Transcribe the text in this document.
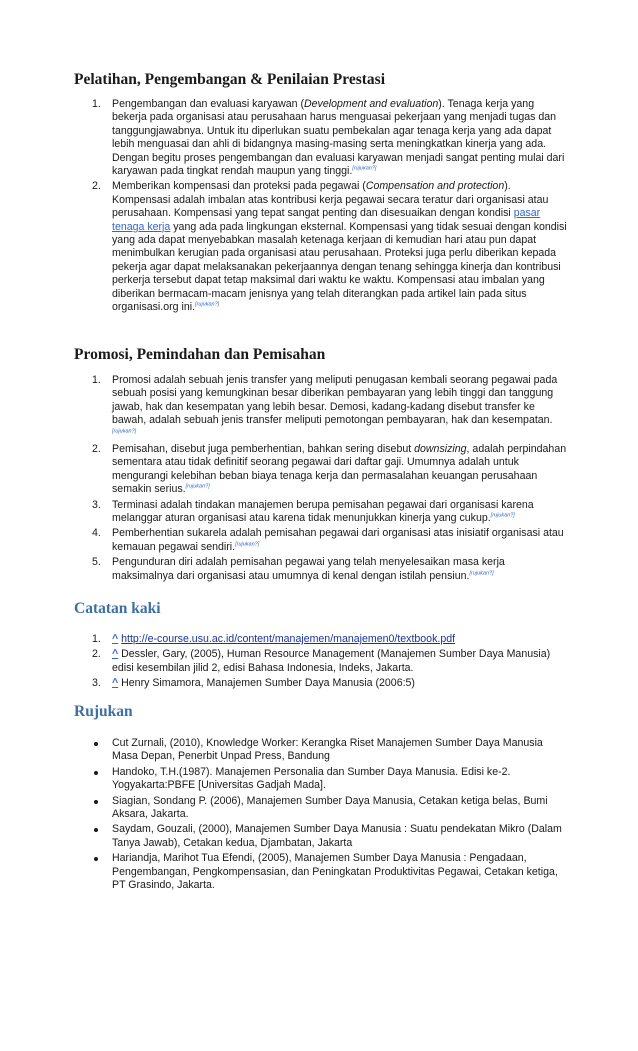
Pelatihan, Pengembangan & Penilaian Prestasi
1. Pengembangan dan evaluasi karyawan (Development and evaluation). Tenaga kerja yang bekerja pada organisasi atau perusahaan harus menguasai pekerjaan yang menjadi tugas dan tanggungjawabnya. Untuk itu diperlukan suatu pembekalan agar tenaga kerja yang ada dapat lebih menguasai dan ahli di bidangnya masing-masing serta meningkatkan kinerja yang ada. Dengan begitu proses pengembangan dan evaluasi karyawan menjadi sangat penting mulai dari karyawan pada tingkat rendah maupun yang tinggi.[rujukan?]
2. Memberikan kompensasi dan proteksi pada pegawai (Compensation and protection). Kompensasi adalah imbalan atas kontribusi kerja pegawai secara teratur dari organisasi atau perusahaan. Kompensasi yang tepat sangat penting dan disesuaikan dengan kondisi pasar tenaga kerja yang ada pada lingkungan eksternal. Kompensasi yang tidak sesuai dengan kondisi yang ada dapat menyebabkan masalah ketenaga kerjaan di kemudian hari atau pun dapat menimbulkan kerugian pada organisasi atau perusahaan. Proteksi juga perlu diberikan kepada pekerja agar dapat melaksanakan pekerjaannya dengan tenang sehingga kinerja dan kontribusi perkerja tersebut dapat tetap maksimal dari waktu ke waktu. Kompensasi atau imbalan yang diberikan bermacam-macam jenisnya yang telah diterangkan pada artikel lain pada situs organisasi.org ini.[rujukan?]
Promosi, Pemindahan dan Pemisahan
1. Promosi adalah sebuah jenis transfer yang meliputi penugasan kembali seorang pegawai pada sebuah posisi yang kemungkinan besar diberikan pembayaran yang lebih tinggi dan tanggung jawab, hak dan kesempatan yang lebih besar. Demosi, kadang-kadang disebut transfer ke bawah, adalah sebuah jenis transfer meliputi pemotongan pembayaran, hak dan kesempatan.[rujukan?]
2. Pemisahan, disebut juga pemberhentian, bahkan sering disebut downsizing, adalah perpindahan sementara atau tidak definitif seorang pegawai dari daftar gaji. Umumnya adalah untuk mengurangi kelebihan beban biaya tenaga kerja dan permasalahan keuangan perusahaan semakin serius.[rujukan?]
3. Terminasi adalah tindakan manajemen berupa pemisahan pegawai dari organisasi karena melanggar aturan organisasi atau karena tidak menunjukkan kinerja yang cukup.[rujukan?]
4. Pemberhentian sukarela adalah pemisahan pegawai dari organisasi atas inisiatif organisasi atau kemauan pegawai sendiri.[rujukan?]
5. Pengunduran diri adalah pemisahan pegawai yang telah menyelesaikan masa kerja maksimalnya dari organisasi atau umumnya di kenal dengan istilah pensiun.[rujukan?]
Catatan kaki
1. ^ http://e-course.usu.ac.id/content/manajemen/manajemen0/textbook.pdf
2. ^ Dessler, Gary, (2005), Human Resource Management (Manajemen Sumber Daya Manusia) edisi kesembilan jilid 2, edisi Bahasa Indonesia, Indeks, Jakarta.
3. ^ Henry Simamora, Manajemen Sumber Daya Manusia (2006:5)
Rujukan
Cut Zurnali, (2010), Knowledge Worker: Kerangka Riset Manajemen Sumber Daya Manusia Masa Depan, Penerbit Unpad Press, Bandung
Handoko, T.H.(1987). Manajemen Personalia dan Sumber Daya Manusia. Edisi ke-2. Yogyakarta:PBFE [Universitas Gadjah Mada].
Siagian, Sondang P. (2006), Manajemen Sumber Daya Manusia, Cetakan ketiga belas, Bumi Aksara, Jakarta.
Saydam, Gouzali, (2000), Manajemen Sumber Daya Manusia : Suatu pendekatan Mikro (Dalam Tanya Jawab), Cetakan kedua, Djambatan, Jakarta
Hariandja, Marihot Tua Efendi, (2005), Manajemen Sumber Daya Manusia : Pengadaan, Pengembangan, Pengkompensasian, dan Peningkatan Produktivitas Pegawai, Cetakan ketiga, PT Grasindo, Jakarta.
